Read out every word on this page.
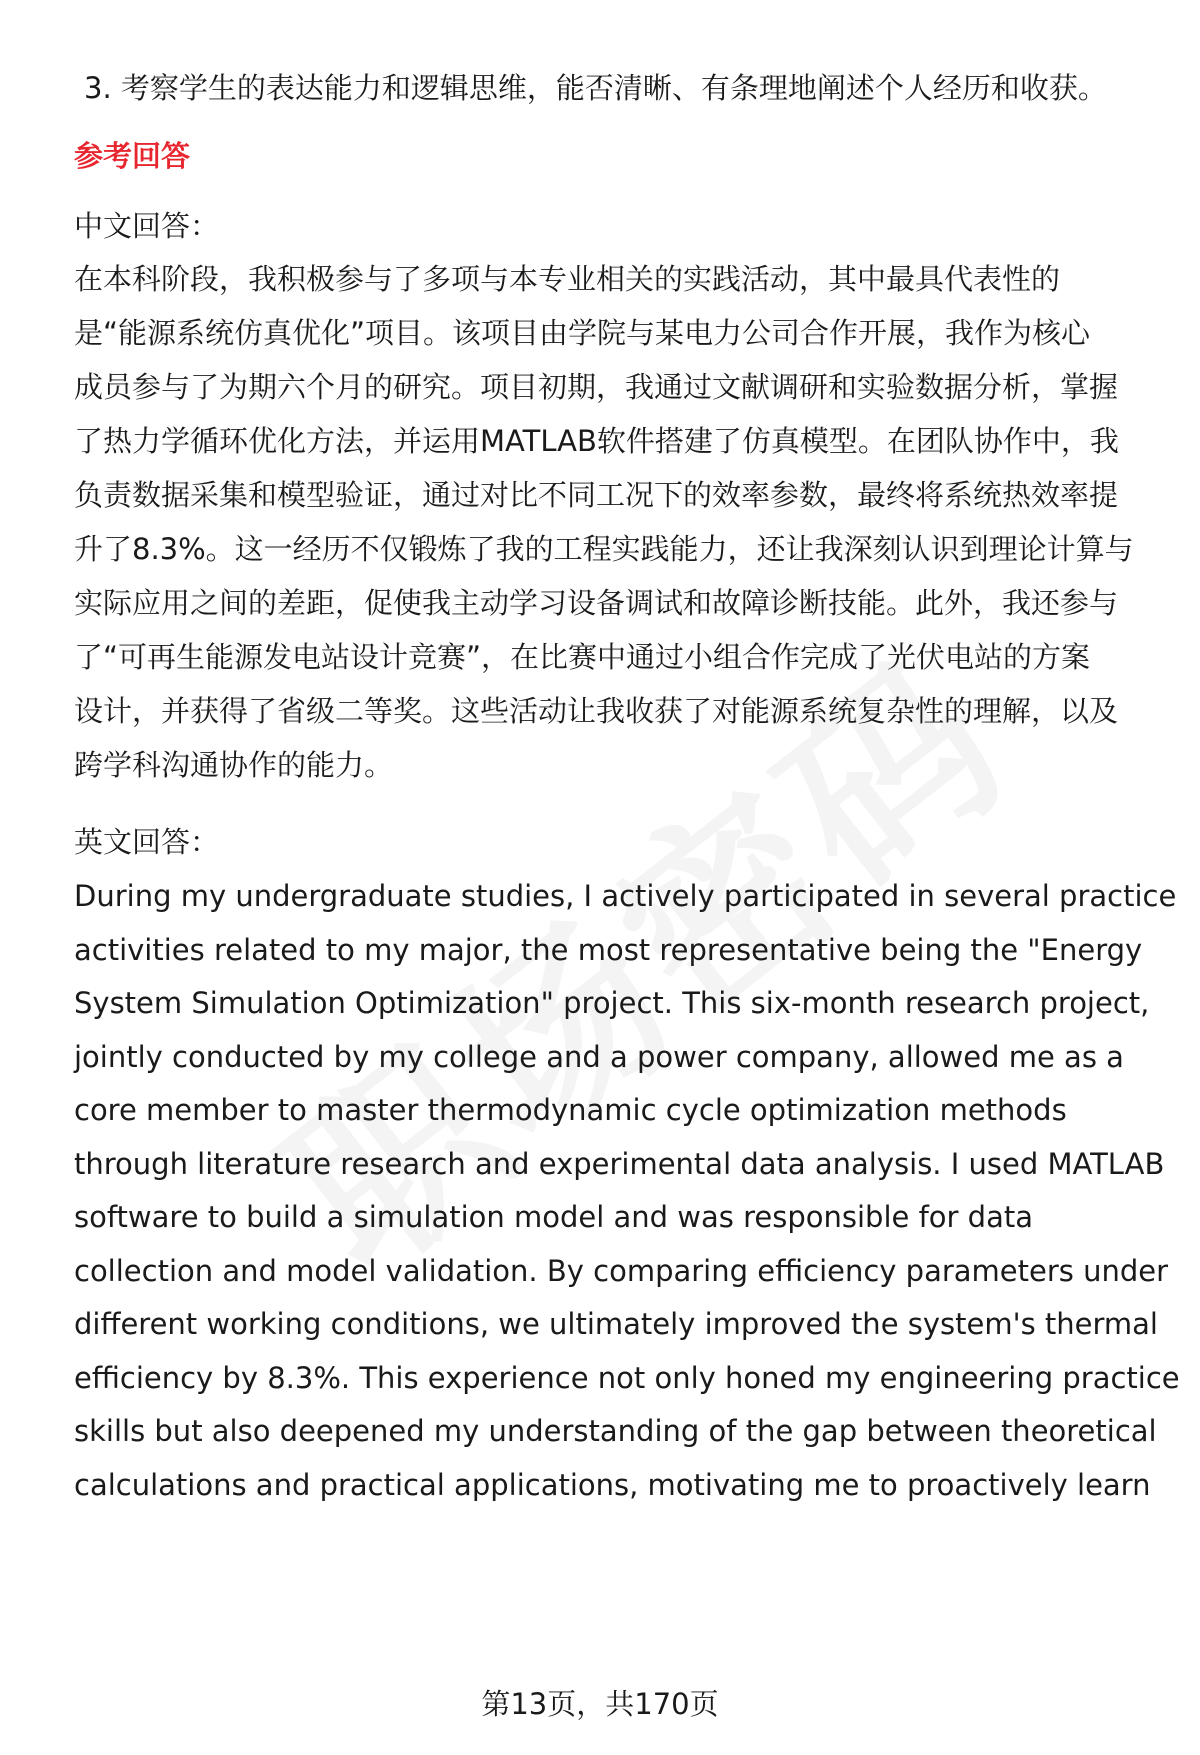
3. 考察学生的表达能力和逻辑思维，能否清晰、有条理地阐述个人经历和收获。
参考回答
中文回答：
在本科阶段，我积极参与了多项与本专业相关的实践活动，其中最具代表性的
是“能源系统仿真优化”项目。该项目由学院与某电力公司合作开展，我作为核心
成员参与了为期六个月的研究。项目初期，我通过文献调研和实验数据分析，掌握
了热力学循环优化方法，并运用MATLAB软件搭建了仿真模型。在团队协作中，我
负责数据采集和模型验证，通过对比不同工况下的效率参数，最终将系统热效率提
升了8.3%。这一经历不仅锻炼了我的工程实践能力，还让我深刻认识到理论计算与
实际应用之间的差距，促使我主动学习设备调试和故障诊断技能。此外，我还参与
了“可再生能源发电站设计竞赛”，在比赛中通过小组合作完成了光伏电站的方案
设计，并获得了省级二等奖。这些活动让我收获了对能源系统复杂性的理解，以及
跨学科沟通协作的能力。
英文回答：
During my undergraduate studies, I actively participated in several practice
activities related to my major, the most representative being the "Energy
System Simulation Optimization" project. This six-month research project,
jointly conducted by my college and a power company, allowed me as a
core member to master thermodynamic cycle optimization methods
through literature research and experimental data analysis. I used MATLAB
software to build a simulation model and was responsible for data
collection and model validation. By comparing efficiency parameters under
different working conditions, we ultimately improved the system's thermal
efficiency by 8.3%. This experience not only honed my engineering practice
skills but also deepened my understanding of the gap between theoretical
calculations and practical applications, motivating me to proactively learn
第13页，共170页
